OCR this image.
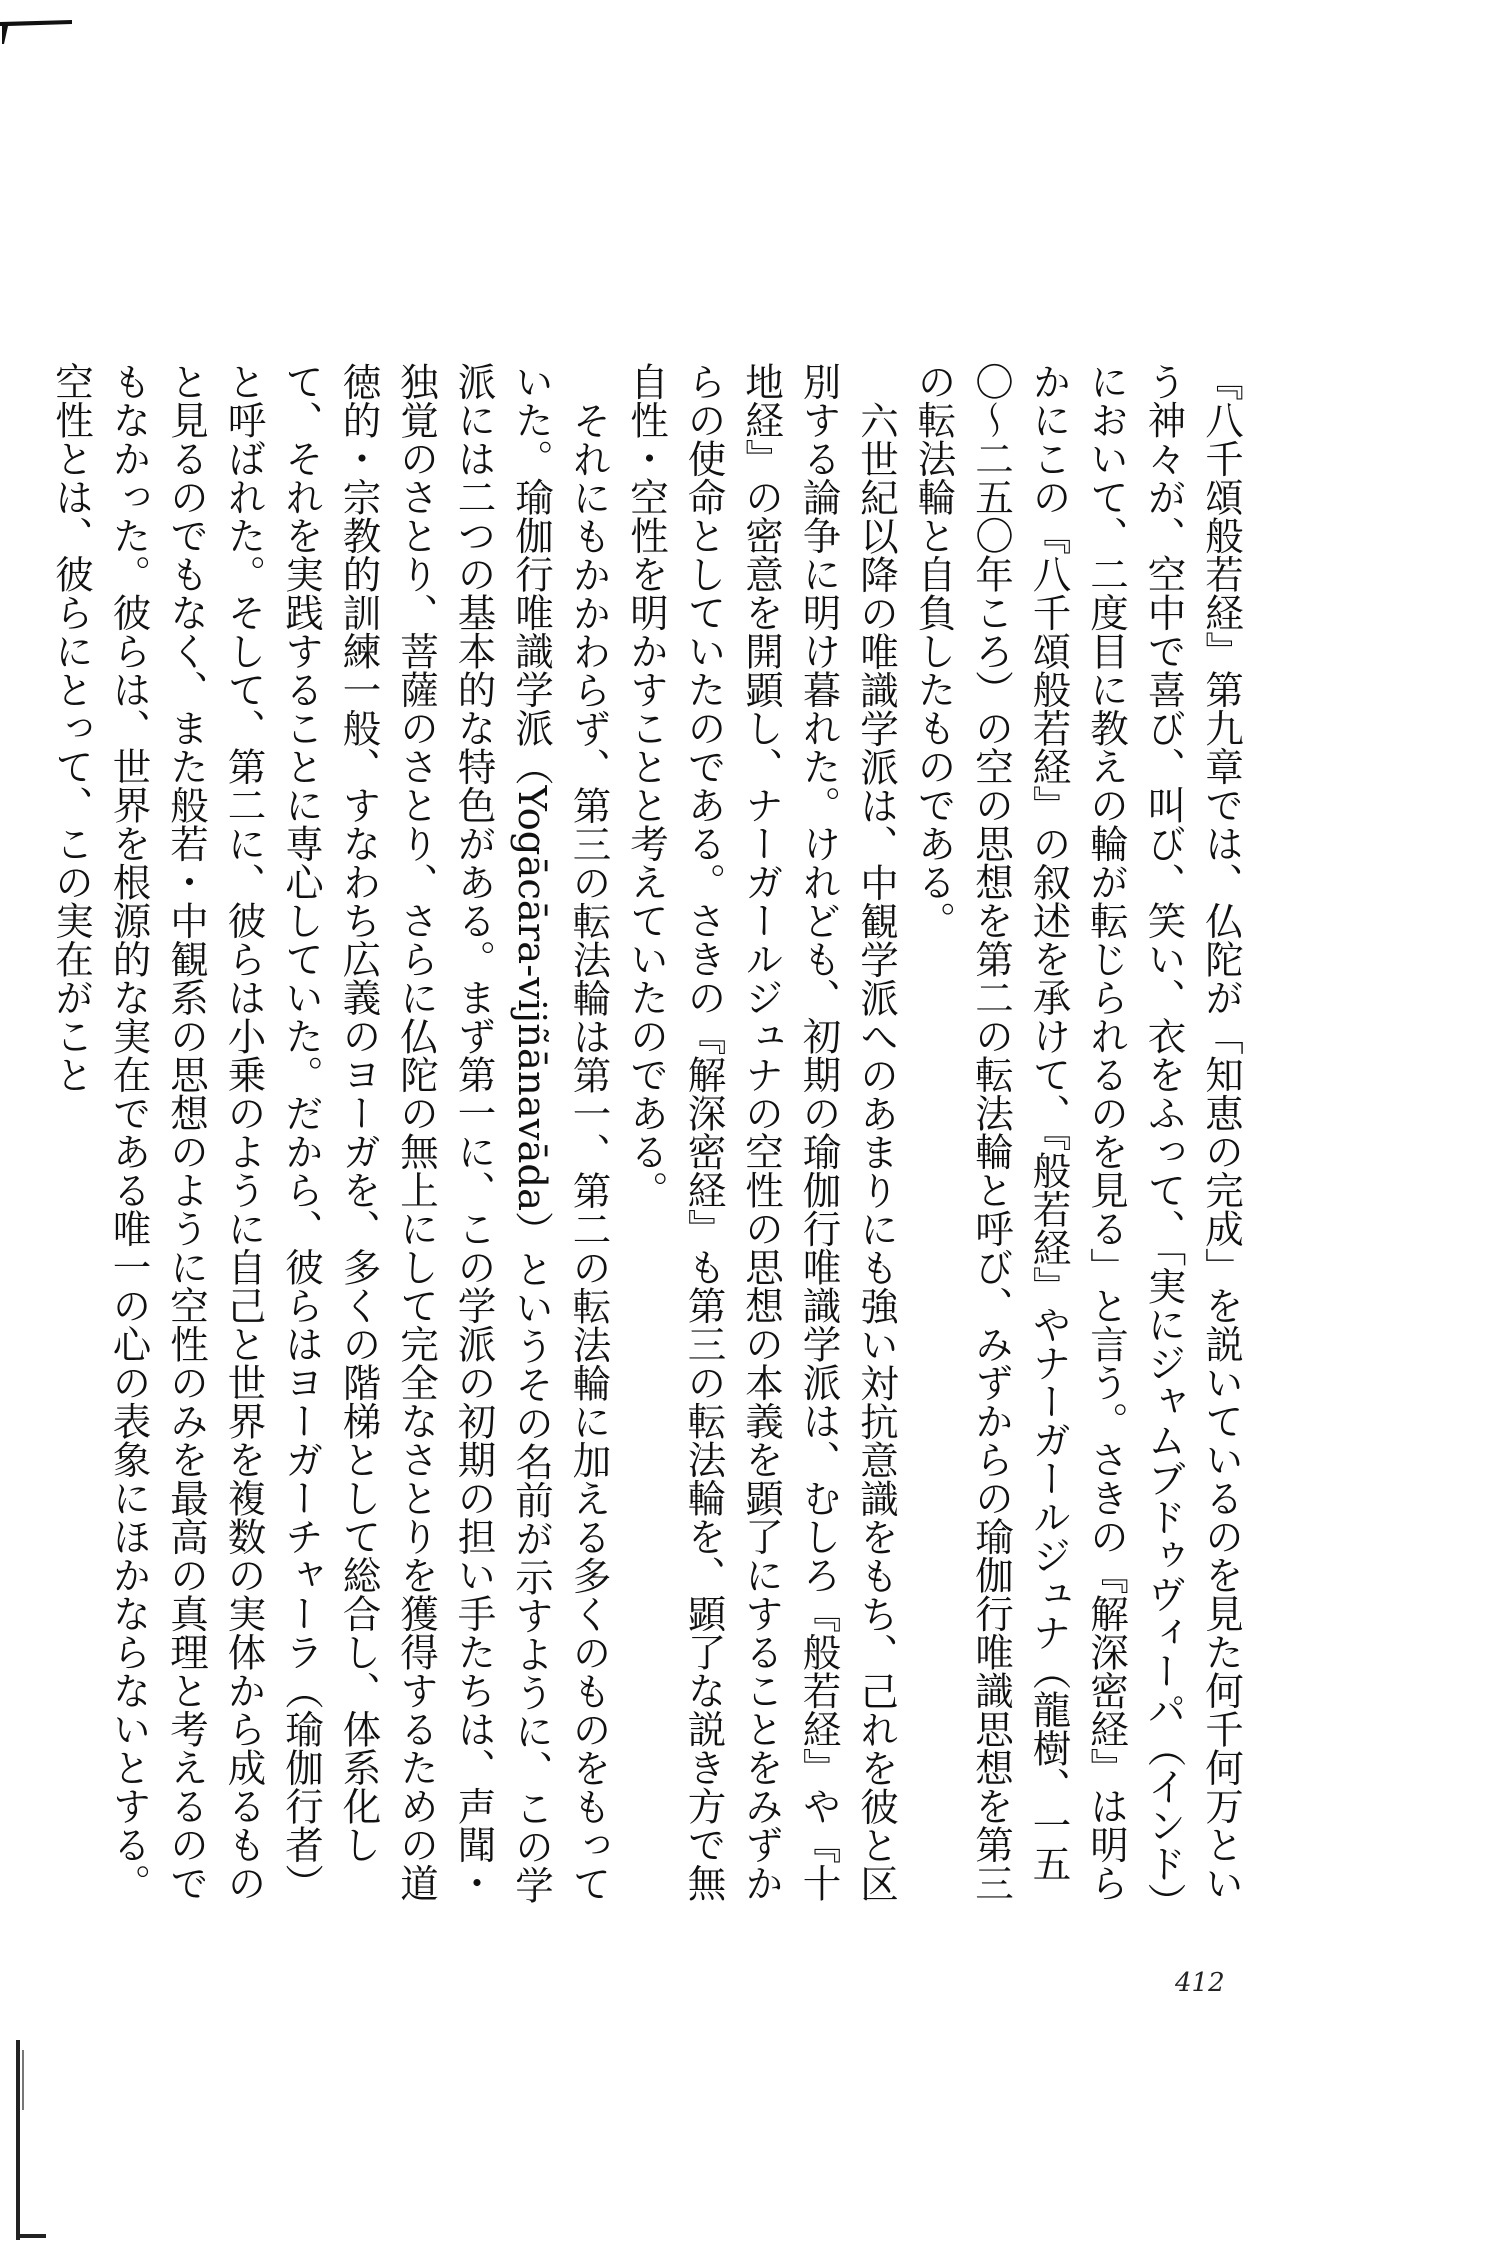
『八千頌般若経』第九章では、仏陀が「知恵の完成」を説いているのを見た何千何万という神々が、空中で喜び、叫び、笑い、衣をふって、「実にジャムブドゥヴィーパ（インド）において、二度目に教えの輪が転じられるのを見る」と言う。さきの『解深密経』は明らかにこの『八千頌般若経』の叙述を承けて、『般若経』やナーガールジュナ（龍樹、一五〇〜二五〇年ころ）の空の思想を第二の転法輪と呼び、みずからの瑜伽行唯識思想を第三の転法輪と自負したものである。

六世紀以降の唯識学派は、中観学派へのあまりにも強い対抗意識をもち、己れを彼と区別する論争に明け暮れた。けれども、初期の瑜伽行唯識学派は、むしろ『般若経』や『十地経』の密意を開顕し、ナーガールジュナの空性の思想の本義を顕了にすることをみずからの使命としていたのである。さきの『解深密経』も第三の転法輪を、顕了な説き方で無自性・空性を明かすことと考えていたのである。

それにもかかわらず、第三の転法輪は第一、第二の転法輪に加える多くのものをもっていた。瑜伽行唯識学派（Yogācāra-vijñānavāda）というその名前が示すように、この学派には二つの基本的な特色がある。まず第一に、この学派の初期の担い手たちは、声聞・独覚のさとり、菩薩のさとり、さらに仏陀の無上にして完全なさとりを獲得するための道徳的・宗教的訓練一般、すなわち広義のヨーガを、多くの階梯として総合し、体系化して、それを実践することに専心していた。だから、彼らはヨーガーチャーラ（瑜伽行者）と呼ばれた。そして、第二に、彼らは小乗のように自己と世界を複数の実体から成るものと見るのでもなく、また般若・中観系の思想のように空性のみを最高の真理と考えるのでもなかった。彼らは、世界を根源的な実在である唯一の心の表象にほかならないとする。空性とは、彼らにとって、この実在がこと

412
